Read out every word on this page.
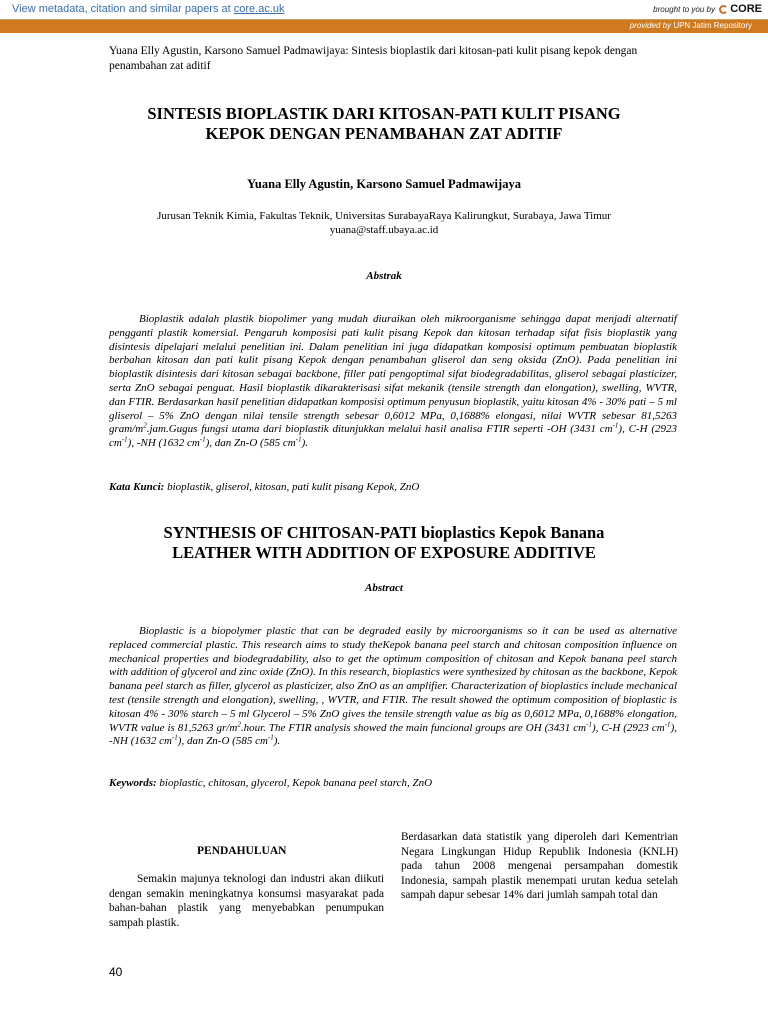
View metadata, citation and similar papers at core.ac.uk	brought to you by CORE
provided by UPN Jatim Repository
Yuana Elly Agustin, Karsono Samuel Padmawijaya: Sintesis bioplastik dari kitosan-pati kulit pisang kepok dengan penambahan zat aditif
SINTESIS BIOPLASTIK DARI KITOSAN-PATI KULIT PISANG
KEPOK DENGAN PENAMBAHAN ZAT ADITIF
Yuana Elly Agustin, Karsono Samuel Padmawijaya
Jurusan Teknik Kimia, Fakultas Teknik, Universitas SurabayaRaya Kalirungkut, Surabaya, Jawa Timur
yuana@staff.ubaya.ac.id
Abstrak
Bioplastik adalah plastik biopolimer yang mudah diuraikan oleh mikroorganisme sehingga dapat menjadi alternatif pengganti plastik komersial. Pengaruh komposisi pati kulit pisang Kepok dan kitosan terhadap sifat fisis bioplastik yang disintesis dipelajari melalui penelitian ini. Dalam penelitian ini juga didapatkan komposisi optimum pembuatan bioplastik berbahan kitosan dan pati kulit pisang Kepok dengan penambahan gliserol dan seng oksida (ZnO). Pada penelitian ini bioplastik disintesis dari kitosan sebagai backbone, filler pati pengoptimal sifat biodegradabilitas, gliserol sebagai plasticizer, serta ZnO sebagai penguat. Hasil bioplastik dikarakterisasi sifat mekanik (tensile strength dan elongation), swelling, WVTR, dan FTIR. Berdasarkan hasil penelitian didapatkan komposisi optimum penyusun bioplastik, yaitu kitosan 4% - 30% pati – 5 ml gliserol – 5% ZnO dengan nilai tensile strength sebesar 0,6012 MPa, 0,1688% elongasi, nilai WVTR sebesar 81,5263 gram/$m^2.jam.Gugus$ fungsi utama dari bioplastik ditunjukkan melalui hasil analisa FTIR seperti -OH (3431 $cm^{-1}$), C-H (2923 $cm^{-1}$), -NH (1632 $cm^{-1}$), dan Zn-O (585 $cm^{-1}$).
Kata Kunci: bioplastik, gliserol, kitosan, pati kulit pisang Kepok, ZnO
SYNTHESIS OF CHITOSAN-PATI bioplastics Kepok Banana
LEATHER WITH ADDITION OF EXPOSURE ADDITIVE
Abstract
Bioplastic is a biopolymer plastic that can be degraded easily by microorganisms so it can be used as alternative replaced commercial plastic. This research aims to study theKepok banana peel starch and chitosan composition influence on mechanical properties and biodegradability, also to get the optimum composition of chitosan and Kepok banana peel starch with addition of glycerol and zinc oxide (ZnO). In this research, bioplastics were synthesized by chitosan as the backbone, Kepok banana peel starch as filler, glycerol as plasticizer, also ZnO as an amplifier. Characterization of bioplastics include mechanical test (tensile strength and elongation), swelling, , WVTR, and FTIR. The result showed the optimum composition of bioplastic is kitosan 4% - 30% starch – 5 ml Glycerol – 5% ZnO gives the tensile strength value as big as 0,6012 MPa, 0,1688% elongation, WVTR value is 81,5263 $gr/m^2.hour$. The FTIR analysis showed the main funcional groups are OH (3431 $cm^{-1}$), C-H (2923 $cm^{-1}$), -NH (1632 $cm^{-1}$), dan Zn-O (585 $cm^{-1}$).
Keywords: bioplastic, chitosan, glycerol, Kepok banana peel starch, ZnO
PENDAHULUAN
Semakin majunya teknologi dan industri akan diikuti dengan semakin meningkatnya konsumsi masyarakat pada bahan-bahan plastik yang menyebabkan penumpukan sampah plastik.
Berdasarkan data statistik yang diperoleh dari Kementrian Negara Lingkungan Hidup Republik Indonesia (KNLH) pada tahun 2008 mengenai persampahan domestik Indonesia, sampah plastik menempati urutan kedua setelah sampah dapur sebesar 14% dari jumlah sampah total dan
40
